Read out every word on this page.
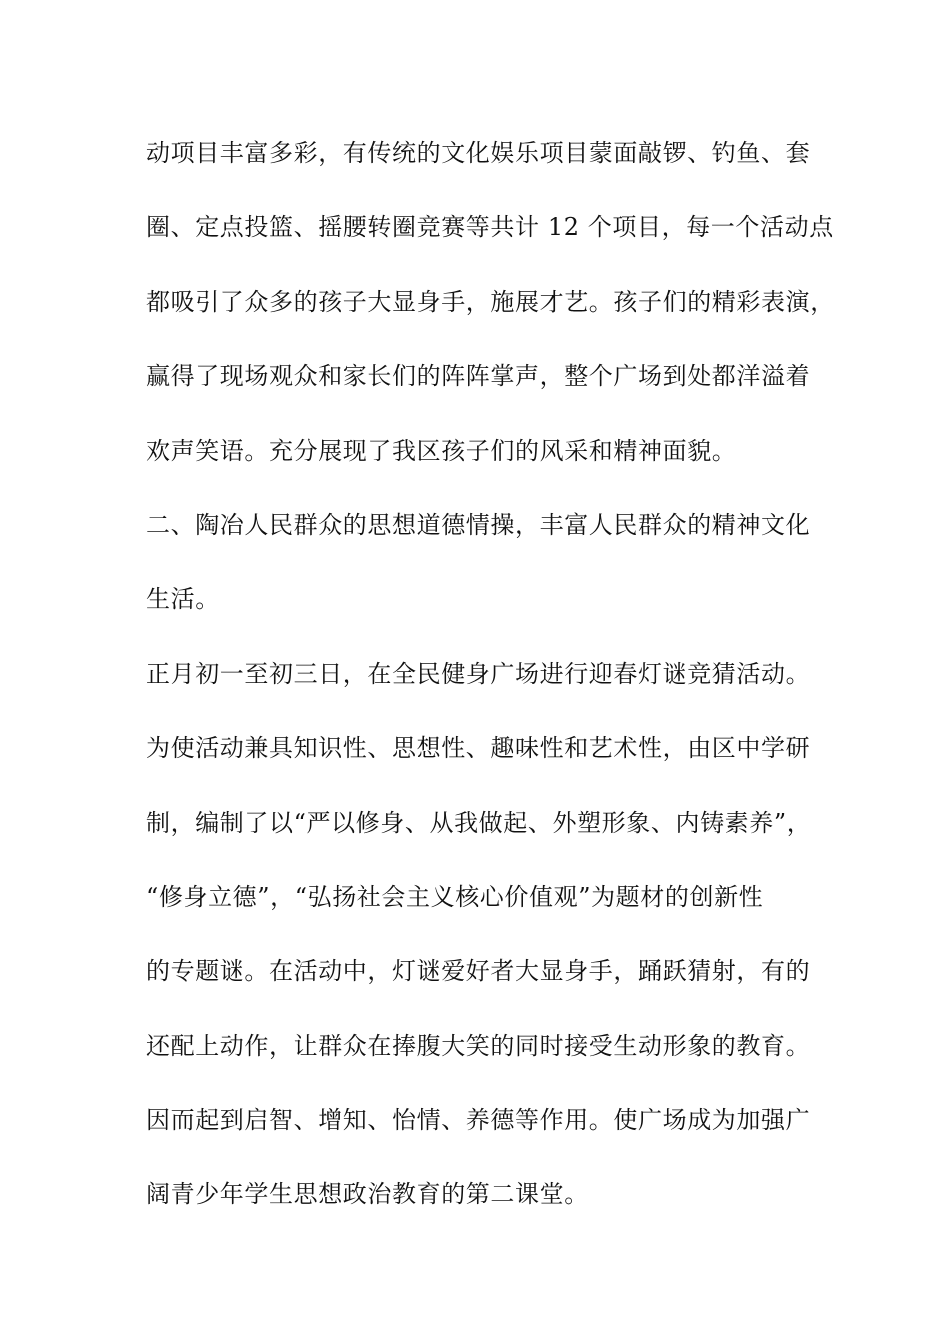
动项目丰富多彩，有传统的文化娱乐项目蒙面敲锣、钓鱼、套
圈、定点投篮、摇腰转圈竞赛等共计 12 个项目，每一个活动点
都吸引了众多的孩子大显身手，施展才艺。孩子们的精彩表演，
赢得了现场观众和家长们的阵阵掌声，整个广场到处都洋溢着
欢声笑语。充分展现了我区孩子们的风采和精神面貌。
二、陶冶人民群众的思想道德情操，丰富人民群众的精神文化
生活。
正月初一至初三日，在全民健身广场进行迎春灯谜竞猜活动。
为使活动兼具知识性、思想性、趣味性和艺术性，由区中学研
制，编制了以“严以修身、从我做起、外塑形象、内铸素养”，
“修身立德”，“弘扬社会主义核心价值观”为题材的创新性
的专题谜。在活动中，灯谜爱好者大显身手，踊跃猜射，有的
还配上动作，让群众在捧腹大笑的同时接受生动形象的教育。
因而起到启智、增知、怡情、养德等作用。使广场成为加强广
阔青少年学生思想政治教育的第二课堂。
